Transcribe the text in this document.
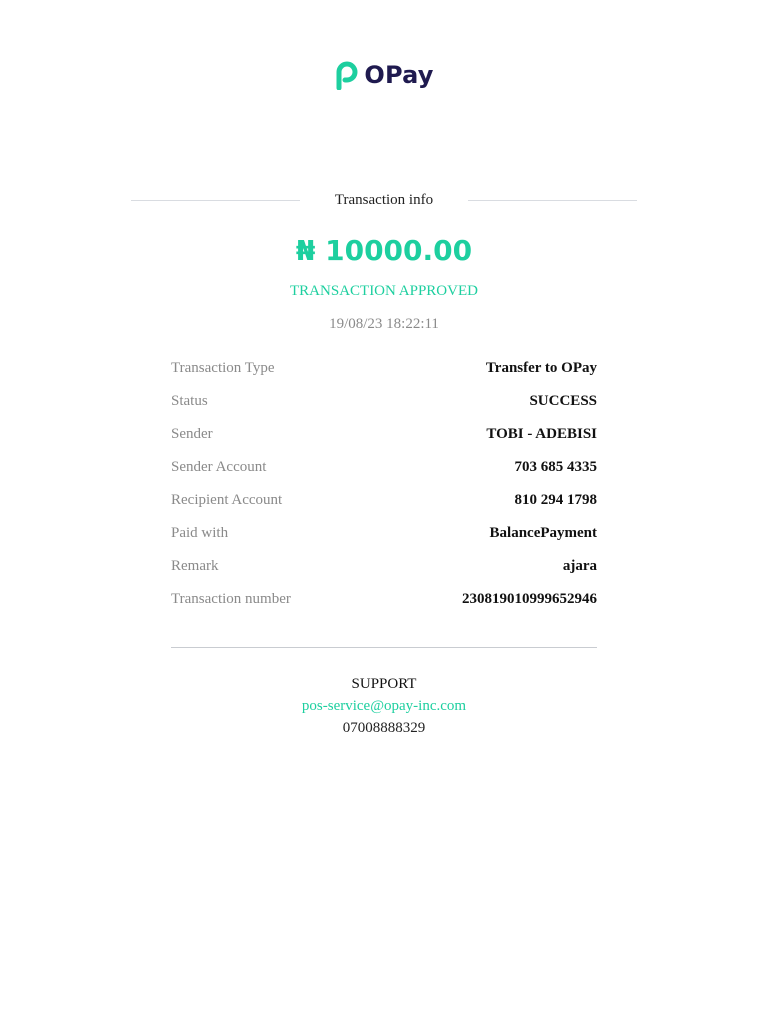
OPay
Transaction info
₦ 10000.00
TRANSACTION APPROVED
19/08/23 18:22:11
Transaction Type	Transfer to OPay
Status	SUCCESS
Sender	TOBI - ADEBISI
Sender Account	703 685 4335
Recipient Account	810 294 1798
Paid with	BalancePayment
Remark	ajara
Transaction number	230819010999652946
SUPPORT
pos-service@opay-inc.com
07008888329
